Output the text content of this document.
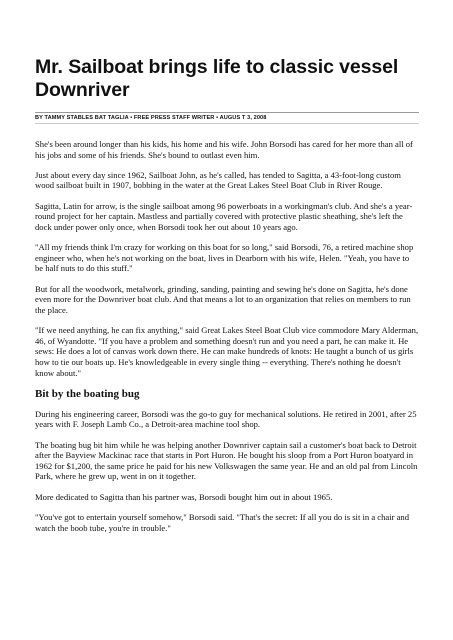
Mr. Sailboat brings life to classic vessel Downriver
BY TAMMY STABLES BAT TAGLIA • FREE PRESS STAFF WRITER • AUGUS T 3, 2008

She's been around longer than his kids, his home and his wife. John Borsodi has cared for her more than all of his jobs and some of his friends. She's bound to outlast even him.

Just about every day since 1962, Sailboat John, as he's called, has tended to Sagitta, a 43-foot-long custom wood sailboat built in 1907, bobbing in the water at the Great Lakes Steel Boat Club in River Rouge.

Sagitta, Latin for arrow, is the single sailboat among 96 powerboats in a workingman's club. And she's a year-round project for her captain. Mastless and partially covered with protective plastic sheathing, she's left the dock under power only once, when Borsodi took her out about 10 years ago.

"All my friends think I'm crazy for working on this boat for so long," said Borsodi, 76, a retired machine shop engineer who, when he's not working on the boat, lives in Dearborn with his wife, Helen. "Yeah, you have to be half nuts to do this stuff."

But for all the woodwork, metalwork, grinding, sanding, painting and sewing he's done on Sagitta, he's done even more for the Downriver boat club. And that means a lot to an organization that relies on members to run the place.

"If we need anything, he can fix anything," said Great Lakes Steel Boat Club vice commodore Mary Alderman, 46, of Wyandotte. "If you have a problem and something doesn't run and you need a part, he can make it. He sews: He does a lot of canvas work down there. He can make hundreds of knots: He taught a bunch of us girls how to tie our boats up. He's knowledgeable in every single thing -- everything. There's nothing he doesn't know about."

Bit by the boating bug

During his engineering career, Borsodi was the go-to guy for mechanical solutions. He retired in 2001, after 25 years with F. Joseph Lamb Co., a Detroit-area machine tool shop.

The boating bug bit him while he was helping another Downriver captain sail a customer's boat back to Detroit after the Bayview Mackinac race that starts in Port Huron. He bought his sloop from a Port Huron boatyard in 1962 for $1,200, the same price he paid for his new Volkswagen the same year. He and an old pal from Lincoln Park, where he grew up, went in on it together.

More dedicated to Sagitta than his partner was, Borsodi bought him out in about 1965.

"You've got to entertain yourself somehow," Borsodi said. "That's the secret: If all you do is sit in a chair and watch the boob tube, you're in trouble."
